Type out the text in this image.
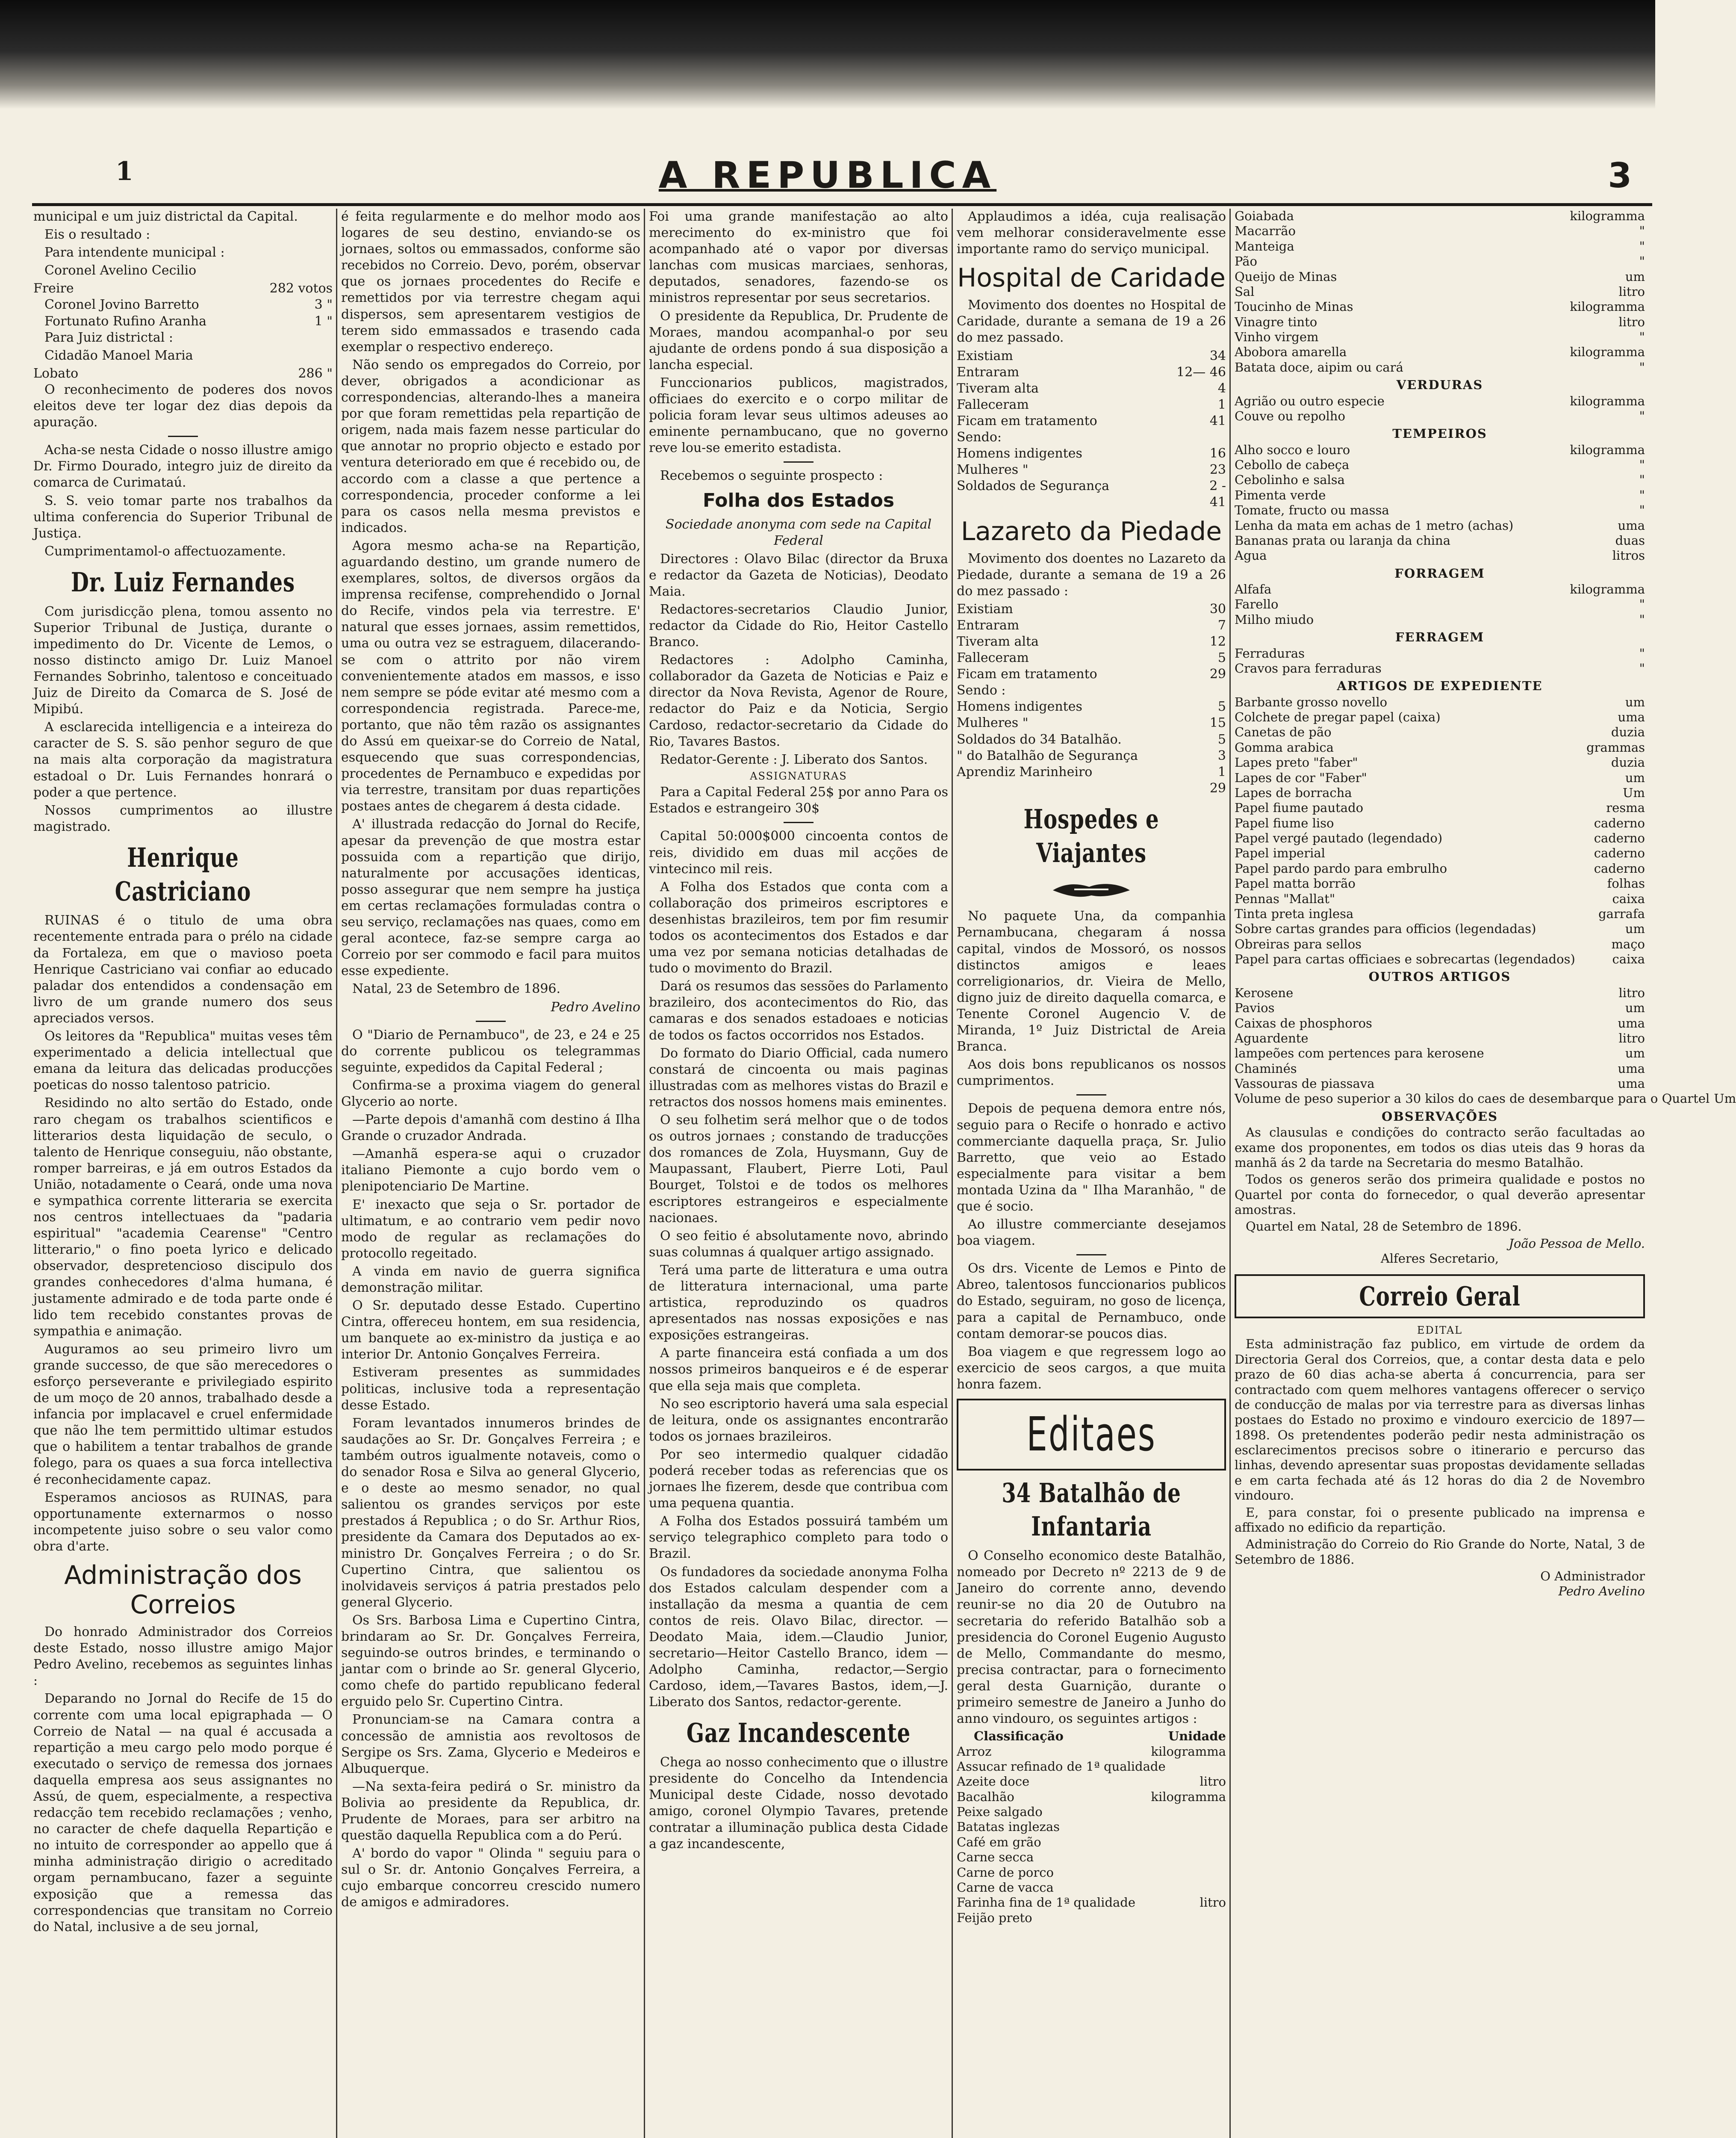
1	A REPUBLICA	3

municipal e um juiz districtal da Capital.

Eis o resultado :

Para intendente municipal :

Coronel Avelino Cecilio

Freire	282 votos
Coronel Jovino Barretto	3 "
Fortunato Rufino Aranha	1 "

Para Juiz districtal :

Cidadão Manoel Maria

Lobato	286 "

O reconhecimento de poderes dos novos eleitos deve ter logar dez dias depois da apuração.

Acha-se nesta Cidade o nosso illustre amigo Dr. Firmo Dourado, integro juiz de direito da comarca de Curimataú.

S. S. veio tomar parte nos trabalhos da ultima conferencia do Superior Tribunal de Justiça.

Cumprimentamol-o affectuozamente.

Dr. Luiz Fernandes

Com jurisdicção plena, tomou assento no Superior Tribunal de Justiça, durante o impedimento do Dr. Vicente de Lemos, o nosso distincto amigo Dr. Luiz Manoel Fernandes Sobrinho, talentoso e conceituado Juiz de Direito da Comarca de S. José de Mipibú.

A esclarecida intelligencia e a inteireza do caracter de S. S. são penhor seguro de que na mais alta corporação da magistratura estadoal o Dr. Luis Fernandes honrará o poder a que pertence.

Nossos cumprimentos ao illustre magistrado.

Henrique Castriciano

RUINAS é o titulo de uma obra recentemente entrada para o prélo na cidade da Fortaleza, em que o mavioso poeta Henrique Castriciano vai confiar ao educado paladar dos entendidos a condensação em livro de um grande numero dos seus apreciados versos.

Os leitores da "Republica" muitas veses têm experimentado a delicia intellectual que emana da leitura das delicadas producções poeticas do nosso talentoso patricio.

Residindo no alto sertão do Estado, onde raro chegam os trabalhos scientificos e litterarios desta liquidação de seculo, o talento de Henrique conseguiu, não obstante, romper barreiras, e já em outros Estados da União, notadamente o Ceará, onde uma nova e sympathica corrente litteraria se exercita nos centros intellectuaes da "padaria espiritual" "academia Cearense" "Centro litterario," o fino poeta lyrico e delicado observador, despretencioso discipulo dos grandes conhecedores d'alma humana, é justamente admirado e de toda parte onde é lido tem recebido constantes provas de sympathia e animação.

Auguramos ao seu primeiro livro um grande successo, de que são merecedores o esforço perseverante e privilegiado espirito de um moço de 20 annos, trabalhado desde a infancia por implacavel e cruel enfermidade que não lhe tem permittido ultimar estudos que o habilitem a tentar trabalhos de grande folego, para os quaes a sua forca intellectiva é reconhecidamente capaz.

Esperamos anciosos as RUINAS, para opportunamente externarmos o nosso incompetente juiso sobre o seu valor como obra d'arte.

Administração dos Correios

Do honrado Administrador dos Correios deste Estado, nosso illustre amigo Major Pedro Avelino, recebemos as seguintes linhas :

Deparando no Jornal do Recife de 15 do corrente com uma local epigraphada — O Correio de Natal — na qual é accusada a repartição a meu cargo pelo modo porque é executado o serviço de remessa dos jornaes daquella empresa aos seus assignantes no Assú, de quem, especialmente, a respectiva redacção tem recebido reclamações ; venho, no caracter de chefe daquella Repartição e no intuito de corresponder ao appello que á minha administração dirigio o acreditado orgam pernambucano, fazer a seguinte exposição que a remessa das correspondencias que transitam no Correio do Natal, inclusive a de seu jornal,

é feita regularmente e do melhor modo aos logares de seu destino, enviando-se os jornaes, soltos ou emmassados, conforme são recebidos no Correio. Devo, porém, observar que os jornaes procedentes do Recife e remettidos por via terrestre chegam aqui dispersos, sem apresentarem vestigios de terem sido emmassados e trasendo cada exemplar o respectivo endereço.

Não sendo os empregados do Correio, por dever, obrigados a acondicionar as correspondencias, alterando-lhes a maneira por que foram remettidas pela repartição de origem, nada mais fazem nesse particular do que annotar no proprio objecto e estado por ventura deteriorado em que é recebido ou, de accordo com a classe a que pertence a correspondencia, proceder conforme a lei para os casos nella mesma previstos e indicados.

Agora mesmo acha-se na Repartição, aguardando destino, um grande numero de exemplares, soltos, de diversos orgãos da imprensa recifense, comprehendido o Jornal do Recife, vindos pela via terrestre. E' natural que esses jornaes, assim remettidos, uma ou outra vez se estraguem, dilacerando-se com o attrito por não virem convenientemente atados em massos, e isso nem sempre se póde evitar até mesmo com a correspondencia registrada. Parece-me, portanto, que não têm razão os assignantes do Assú em queixar-se do Correio de Natal, esquecendo que suas correspondencias, procedentes de Pernambuco e expedidas por via terrestre, transitam por duas repartições postaes antes de chegarem á desta cidade.

A' illustrada redacção do Jornal do Recife, apesar da prevenção de que mostra estar possuida com a repartição que dirijo, naturalmente por accusações identicas, posso assegurar que nem sempre ha justiça em certas reclamações formuladas contra o seu serviço, reclamações nas quaes, como em geral acontece, faz-se sempre carga ao Correio por ser commodo e facil para muitos esse expediente.

Natal, 23 de Setembro de 1896.

Pedro Avelino

O "Diario de Pernambuco", de 23, e 24 e 25 do corrente publicou os telegrammas seguinte, expedidos da Capital Federal ;

Confirma-se a proxima viagem do general Glycerio ao norte.

—Parte depois d'amanhã com destino á Ilha Grande o cruzador Andrada.

—Amanhã espera-se aqui o cruzador italiano Piemonte a cujo bordo vem o plenipotenciario De Martine.

E' inexacto que seja o Sr. portador de ultimatum, e ao contrario vem pedir novo modo de regular as reclamações do protocollo regeitado.

A vinda em navio de guerra significa demonstração militar.

O Sr. deputado desse Estado. Cupertino Cintra, offereceu hontem, em sua residencia, um banquete ao ex-ministro da justiça e ao interior Dr. Antonio Gonçalves Ferreira.

Estiveram presentes as summidades politicas, inclusive toda a representação desse Estado.

Foram levantados innumeros brindes de saudações ao Sr. Dr. Gonçalves Ferreira ; e também outros igualmente notaveis, como o do senador Rosa e Silva ao general Glycerio, e o deste ao mesmo senador, no qual salientou os grandes serviços por este prestados á Republica ; o do Sr. Arthur Rios, presidente da Camara dos Deputados ao ex-ministro Dr. Gonçalves Ferreira ; o do Sr. Cupertino Cintra, que salientou os inolvidaveis serviços á patria prestados pelo general Glycerio.

Os Srs. Barbosa Lima e Cupertino Cintra, brindaram ao Sr. Dr. Gonçalves Ferreira, seguindo-se outros brindes, e terminando o jantar com o brinde ao Sr. general Glycerio, como chefe do partido republicano federal erguido pelo Sr. Cupertino Cintra.

Pronunciam-se na Camara contra a concessão de amnistia aos revoltosos de Sergipe os Srs. Zama, Glycerio e Medeiros e Albuquerque.

—Na sexta-feira pedirá o Sr. ministro da Bolivia ao presidente da Republica, dr. Prudente de Moraes, para ser arbitro na questão daquella Republica com a do Perú.

A' bordo do vapor " Olinda " seguiu para o sul o Sr. dr. Antonio Gonçalves Ferreira, a cujo embarque concorreu crescido numero de amigos e admiradores.

Foi uma grande manifestação ao alto merecimento do ex-ministro que foi acompanhado até o vapor por diversas lanchas com musicas marciaes, senhoras, deputados, senadores, fazendo-se os ministros representar por seus secretarios.

O presidente da Republica, Dr. Prudente de Moraes, mandou acompanhal-o por seu ajudante de ordens pondo á sua disposição a lancha especial.

Funccionarios publicos, magistrados, officiaes do exercito e o corpo militar de policia foram levar seus ultimos adeuses ao eminente pernambucano, que no governo reve lou-se emerito estadista.

Recebemos o seguinte prospecto :

Folha dos Estados

Sociedade anonyma com sede na Capital Federal

Directores : Olavo Bilac (director da Bruxa e redactor da Gazeta de Noticias), Deodato Maia.

Redactores-secretarios Claudio Junior, redactor da Cidade do Rio, Heitor Castello Branco.

Redactores : Adolpho Caminha, collaborador da Gazeta de Noticias e Paiz e director da Nova Revista, Agenor de Roure, redactor do Paiz e da Noticia, Sergio Cardoso, redactor-secretario da Cidade do Rio, Tavares Bastos.

Redator-Gerente : J. Liberato dos Santos.

ASSIGNATURAS

Para a Capital Federal 25$ por anno Para os Estados e estrangeiro 30$

Capital 50:000$000 cincoenta contos de reis, dividido em duas mil acções de vintecinco mil reis.

A Folha dos Estados que conta com a collaboração dos primeiros escriptores e desenhistas brazileiros, tem por fim resumir todos os acontecimentos dos Estados e dar uma vez por semana noticias detalhadas de tudo o movimento do Brazil.

Dará os resumos das sessões do Parlamento brazileiro, dos acontecimentos do Rio, das camaras e dos senados estadoaes e noticias de todos os factos occorridos nos Estados.

Do formato do Diario Official, cada numero constará de cincoenta ou mais paginas illustradas com as melhores vistas do Brazil e retractos dos nossos homens mais eminentes.

O seu folhetim será melhor que o de todos os outros jornaes ; constando de traducções dos romances de Zola, Huysmann, Guy de Maupassant, Flaubert, Pierre Loti, Paul Bourget, Tolstoi e de todos os melhores escriptores estrangeiros e especialmente nacionaes.

O seo feitio é absolutamente novo, abrindo suas columnas á qualquer artigo assignado.

Terá uma parte de litteratura e uma outra de litteratura internacional, uma parte artistica, reproduzindo os quadros apresentados nas nossas exposições e nas exposições estrangeiras.

A parte financeira está confiada a um dos nossos primeiros banqueiros e é de esperar que ella seja mais que completa.

No seo escriptorio haverá uma sala especial de leitura, onde os assignantes encontrarão todos os jornaes brazileiros.

Por seo intermedio qualquer cidadão poderá receber todas as referencias que os jornaes lhe fizerem, desde que contribua com uma pequena quantia.

A Folha dos Estados possuirá também um serviço telegraphico completo para todo o Brazil.

Os fundadores da sociedade anonyma Folha dos Estados calculam despender com a installação da mesma a quantia de cem contos de reis. Olavo Bilac, director. — Deodato Maia, idem.—Claudio Junior, secretario—Heitor Castello Branco, idem —Adolpho Caminha, redactor,—Sergio Cardoso, idem,—Tavares Bastos, idem,—J. Liberato dos Santos, redactor-gerente.

Gaz Incandescente

Chega ao nosso conhecimento que o illustre presidente do Concelho da Intendencia Municipal deste Cidade, nosso devotado amigo, coronel Olympio Tavares, pretende contratar a illuminação publica desta Cidade a gaz incandescente,

Applaudimos a idéa, cuja realisação vem melhorar consideravelmente esse importante ramo do serviço municipal.

Hospital de Caridade

Movimento dos doentes no Hospital de Caridade, durante a semana de 19 a 26 do mez passado.

Existiam	34
Entraram	12— 46
Tiveram alta	4
Falleceram	1
Ficam em tratamento	41
Sendo:
Homens indigentes	16
Mulheres "	23
Soldados de Segurança	2 -
41
Lazareto da Piedade

Movimento dos doentes no Lazareto da Piedade, durante a semana de 19 a 26 do mez passado :

Existiam	30
Entraram	7
Tiveram alta	12
Falleceram	5
Ficam em tratamento	29
Sendo :
Homens indigentes	5
Mulheres "	15
Soldados do 34 Batalhão.	5
" do Batalhão de Segurança	3
Aprendiz Marinheiro	1
29
Hospedes e Viajantes

No paquete Una, da companhia Pernambucana, chegaram á nossa capital, vindos de Mossoró, os nossos distinctos amigos e leaes correligionarios, dr. Vieira de Mello, digno juiz de direito daquella comarca, e Tenente Coronel Augencio V. de Miranda, 1º Juiz Districtal de Areia Branca.

Aos dois bons republicanos os nossos cumprimentos.

Depois de pequena demora entre nós, seguio para o Recife o honrado e activo commerciante daquella praça, Sr. Julio Barretto, que veio ao Estado especialmente para visitar a bem montada Uzina da " Ilha Maranhão, " de que é socio.

Ao illustre commerciante desejamos boa viagem.

Os drs. Vicente de Lemos e Pinto de Abreo, talentosos funccionarios publicos do Estado, seguiram, no goso de licença, para a capital de Pernambuco, onde contam demorar-se poucos dias.

Boa viagem e que regressem logo ao exercicio de seos cargos, a que muita honra fazem.

Editaes
34 Batalhão de Infantaria

O Conselho economico deste Batalhão, nomeado por Decreto nº 2213 de 9 de Janeiro do corrente anno, devendo reunir-se no dia 20 de Outubro na secretaria do referido Batalhão sob a presidencia do Coronel Eugenio Augusto de Mello, Commandante do mesmo, precisa contractar, para o fornecimento geral desta Guarnição, durante o primeiro semestre de Janeiro a Junho do anno vindouro, os seguintes artigos :

Classificação	Unidade
Arroz	kilogramma
Assucar refinado de 1ª qualidade
Azeite doce	litro
Bacalhão	kilogramma
Peixe salgado
Batatas inglezas
Café em grão
Carne secca
Carne de porco
Carne de vacca
Farinha fina de 1ª qualidade	litro
Feijão preto
Goiabada	kilogramma
Macarrão	"
Manteiga	"
Pão	"
Queijo de Minas	um
Sal	litro
Toucinho de Minas	kilogramma
Vinagre tinto	litro
Vinho virgem	"
Abobora amarella	kilogramma
Batata doce, aipim ou cará	"
VERDURAS
Agrião ou outro especie	kilogramma
Couve ou repolho	"
TEMPEIROS
Alho socco e louro	kilogramma
Cebollo de cabeça	"
Cebolinho e salsa	"
Pimenta verde	"
Tomate, fructo ou massa	"
Lenha da mata em achas de 1 metro (achas)	uma
Bananas prata ou laranja da china	duas
Agua	litros
FORRAGEM
Alfafa	kilogramma
Farello	"
Milho miudo	"
FERRAGEM
Ferraduras	"
Cravos para ferraduras	"
ARTIGOS DE EXPEDIENTE
Barbante grosso novello	um
Colchete de pregar papel (caixa)	uma
Canetas de pão	duzia
Gomma arabica	grammas
Lapes preto "faber"	duzia
Lapes de cor "Faber"	um
Lapes de borracha	Um
Papel fiume pautado	resma
Papel fiume liso	caderno
Papel vergé pautado (legendado)	caderno
Papel imperial	caderno
Papel pardo pardo para embrulho	caderno
Papel matta borrão	folhas
Pennas "Mallat"	caixa
Tinta preta inglesa	garrafa
Sobre cartas grandes para officios (legendadas)	um
Obreiras para sellos	maço
Papel para cartas officiaes e sobrecartas (legendados)	caixa
OUTROS ARTIGOS
Kerosene	litro
Pavios	um
Caixas de phosphoros	uma
Aguardente	litro
lampeões com pertences para kerosene	um
Chaminés	uma
Vassouras de piassava	uma
Volume de peso superior a 30 kilos do caes de desembarque para o Quartel Um
OBSERVAÇÕES

As clausulas e condições do contracto serão facultadas ao exame dos proponentes, em todos os dias uteis das 9 horas da manhã ás 2 da tarde na Secretaria do mesmo Batalhão.

Todos os generos serão dos primeira qualidade e postos no Quartel por conta do fornecedor, o qual deverão apresentar amostras.

Quartel em Natal, 28 de Setembro de 1896.

João Pessoa de Mello.
Alferes Secretario,
Correio Geral
EDITAL

Esta administração faz publico, em virtude de ordem da Directoria Geral dos Correios, que, a contar desta data e pelo prazo de 60 dias acha-se aberta á concurrencia, para ser contractado com quem melhores vantagens offerecer o serviço de conducção de malas por via terrestre para as diversas linhas postaes do Estado no proximo e vindouro exercicio de 1897—1898. Os pretendentes poderão pedir nesta administração os esclarecimentos precisos sobre o itinerario e percurso das linhas, devendo apresentar suas propostas devidamente selladas e em carta fechada até ás 12 horas do dia 2 de Novembro vindouro.

E, para constar, foi o presente publicado na imprensa e affixado no edificio da repartição.

Administração do Correio do Rio Grande do Norte, Natal, 3 de Setembro de 1886.

O Administrador
Pedro Avelino
